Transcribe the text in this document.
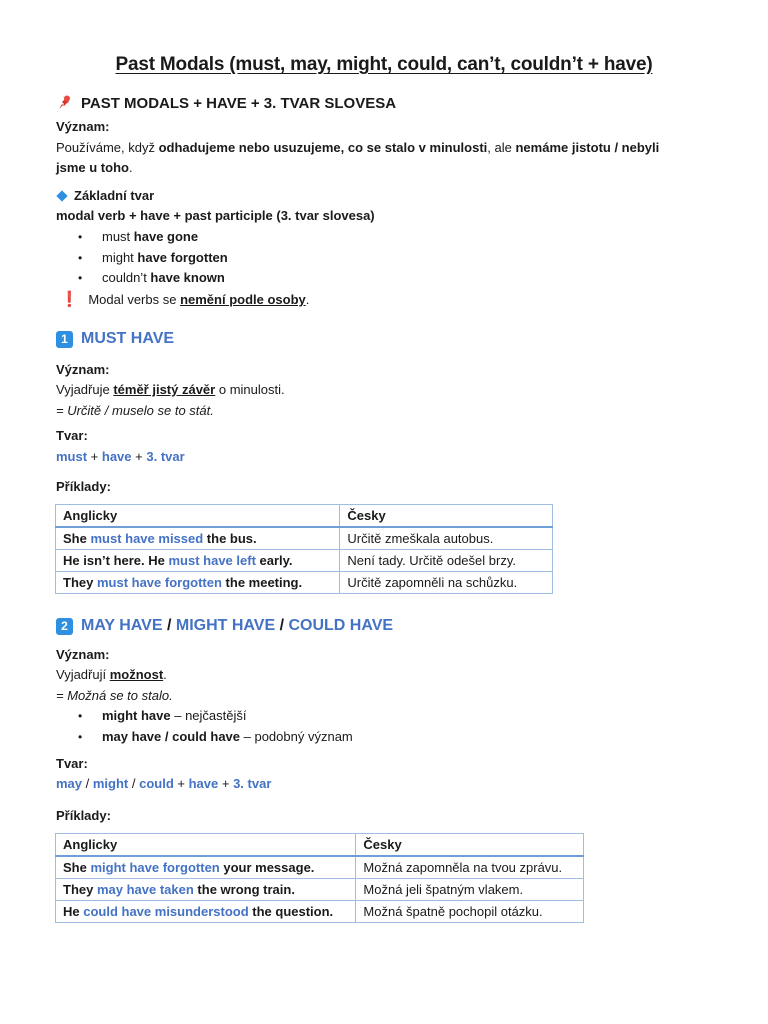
Past Modals (must, may, might, could, can’t, couldn’t + have)
PAST MODALS + HAVE + 3. TVAR SLOVESA
Význam:
Používáme, když odhadujeme nebo usuzujeme, co se stalo v minulosti, ale nemáme jistotu / nebyli
jsme u toho.
Základní tvar
modal verb + have + past participle (3. tvar slovesa)
• must have gone
• might have forgotten
• couldn’t have known
❗ Modal verbs se nemění podle osoby.
1 MUST HAVE
Význam:
Vyjadřuje téměř jistý závěr o minulosti.
= Určitě / muselo se to stát.
Tvar:
must + have + 3. tvar
Příklady:
Anglicky	Česky
She must have missed the bus.	Určitě zmeškala autobus.
He isn’t here. He must have left early.	Není tady. Určitě odešel brzy.
They must have forgotten the meeting.	Určitě zapomněli na schůzku.
2 MAY HAVE / MIGHT HAVE / COULD HAVE
Význam:
Vyjadřují možnost.
= Možná se to stalo.
• might have – nejčastější
• may have / could have – podobný význam
Tvar:
may / might / could + have + 3. tvar
Příklady:
Anglicky	Česky
She might have forgotten your message.	Možná zapomněla na tvou zprávu.
They may have taken the wrong train.	Možná jeli špatným vlakem.
He could have misunderstood the question.	Možná špatně pochopil otázku.
